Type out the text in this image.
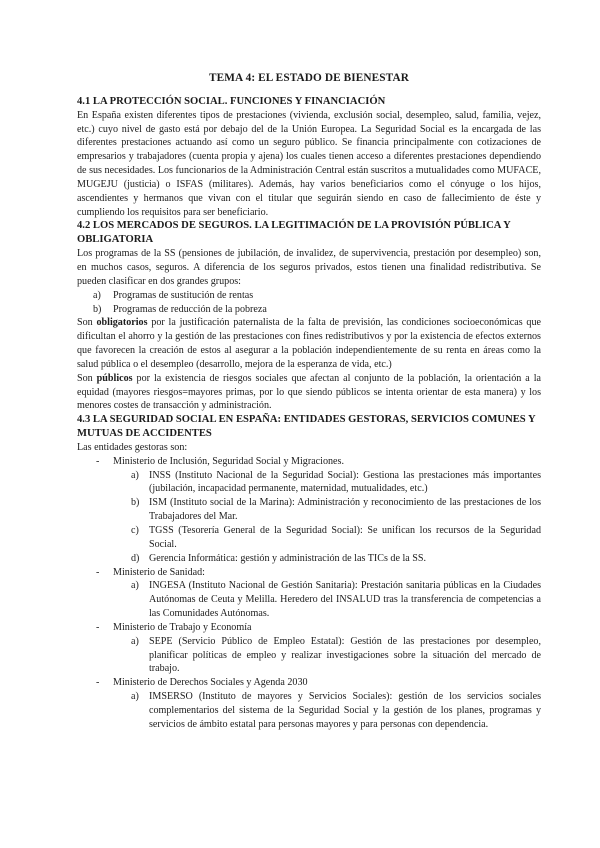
TEMA 4: EL ESTADO DE BIENESTAR
4.1 LA PROTECCIÓN SOCIAL. FUNCIONES Y FINANCIACIÓN

En España existen diferentes tipos de prestaciones (vivienda, exclusión social, desempleo, salud, familia, vejez, etc.) cuyo nivel de gasto está por debajo del de la Unión Europea. La Seguridad Social es la encargada de las diferentes prestaciones actuando así como un seguro público. Se financia principalmente con cotizaciones de empresarios y trabajadores (cuenta propia y ajena) los cuales tienen acceso a diferentes prestaciones dependiendo de sus necesidades. Los funcionarios de la Administración Central están suscritos a mutualidades como MUFACE, MUGEJU (justicia) o ISFAS (militares). Además, hay varios beneficiarios como el cónyuge o los hijos, ascendientes y hermanos que vivan con el titular que seguirán siendo en caso de fallecimiento de éste y cumpliendo los requisitos para ser beneficiario.

4.2 LOS MERCADOS DE SEGUROS. LA LEGITIMACIÓN DE LA PROVISIÓN PÚBLICA Y OBLIGATORIA

Los programas de la SS (pensiones de jubilación, de invalidez, de supervivencia, prestación por desempleo) son, en muchos casos, seguros. A diferencia de los seguros privados, estos tienen una finalidad redistributiva. Se pueden clasificar en dos grandes grupos:

a) Programas de sustitución de rentas
b) Programas de reducción de la pobreza

Son obligatorios por la justificación paternalista de la falta de previsión, las condiciones socioeconómicas que dificultan el ahorro y la gestión de las prestaciones con fines redistributivos y por la existencia de efectos externos que favorecen la creación de estos al asegurar a la población independientemente de su renta en áreas como la salud pública o el desempleo (desarrollo, mejora de la esperanza de vida, etc.)

Son públicos por la existencia de riesgos sociales que afectan al conjunto de la población, la orientación a la equidad (mayores riesgos=mayores primas, por lo que siendo públicos se intenta orientar de esta manera) y los menores costes de transacción y administración.

4.3 LA SEGURIDAD SOCIAL EN ESPAÑA: ENTIDADES GESTORAS, SERVICIOS COMUNES Y MUTUAS DE ACCIDENTES

Las entidades gestoras son:

- Ministerio de Inclusión, Seguridad Social y Migraciones.
a) INSS (Instituto Nacional de la Seguridad Social): Gestiona las prestaciones más importantes (jubilación, incapacidad permanente, maternidad, mutualidades, etc.)
b) ISM (Instituto social de la Marina): Administración y reconocimiento de las prestaciones de los Trabajadores del Mar.
c) TGSS (Tesorería General de la Seguridad Social): Se unifican los recursos de la Seguridad Social.
d) Gerencia Informática: gestión y administración de las TICs de la SS.
- Ministerio de Sanidad:
a) INGESA (Instituto Nacional de Gestión Sanitaria): Prestación sanitaria públicas en la Ciudades Autónomas de Ceuta y Melilla. Heredero del INSALUD tras la transferencia de competencias a las Comunidades Autónomas.
- Ministerio de Trabajo y Economía
a) SEPE (Servicio Público de Empleo Estatal): Gestión de las prestaciones por desempleo, planificar políticas de empleo y realizar investigaciones sobre la situación del mercado de trabajo.
- Ministerio de Derechos Sociales y Agenda 2030
a) IMSERSO (Instituto de mayores y Servicios Sociales): gestión de los servicios sociales complementarios del sistema de la Seguridad Social y la gestión de los planes, programas y servicios de ámbito estatal para personas mayores y para personas con dependencia.
